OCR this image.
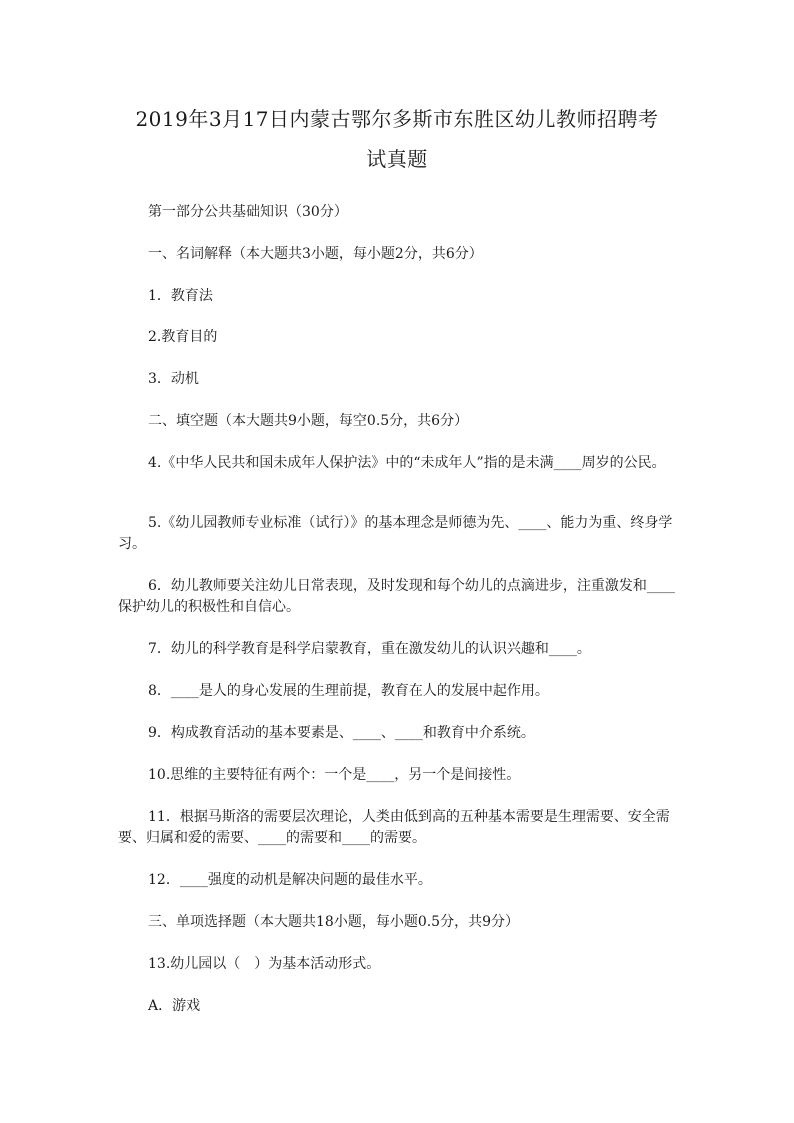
2019年3月17日内蒙古鄂尔多斯市东胜区幼儿教师招聘考
试真题
第一部分公共基础知识（30分）
一、名词解释（本大题共3小题，每小题2分，共6分）
1．教育法
2.教育目的
3．动机
二、填空题（本大题共9小题，每空0.5分，共6分）
4.《中华人民共和国未成年人保护法》中的“未成年人”指的是未满____周岁的公民。
5.《幼儿园教师专业标准（试行）》的基本理念是师德为先、____、能力为重、终身学
习。
6．幼儿教师要关注幼儿日常表现，及时发现和每个幼儿的点滴进步，注重激发和____
保护幼儿的积极性和自信心。
7．幼儿的科学教育是科学启蒙教育，重在激发幼儿的认识兴趣和____。
8．____是人的身心发展的生理前提，教育在人的发展中起作用。
9．构成教育活动的基本要素是、____、____和教育中介系统。
10.思维的主要特征有两个：一个是____，另一个是间接性。
11．根据马斯洛的需要层次理论，人类由低到高的五种基本需要是生理需要、安全需
要、归属和爱的需要、____的需要和____的需要。
12．____强度的动机是解决问题的最佳水平。
三、单项选择题（本大题共18小题，每小题0.5分，共9分）
13.幼儿园以（　）为基本活动形式。
A．游戏
